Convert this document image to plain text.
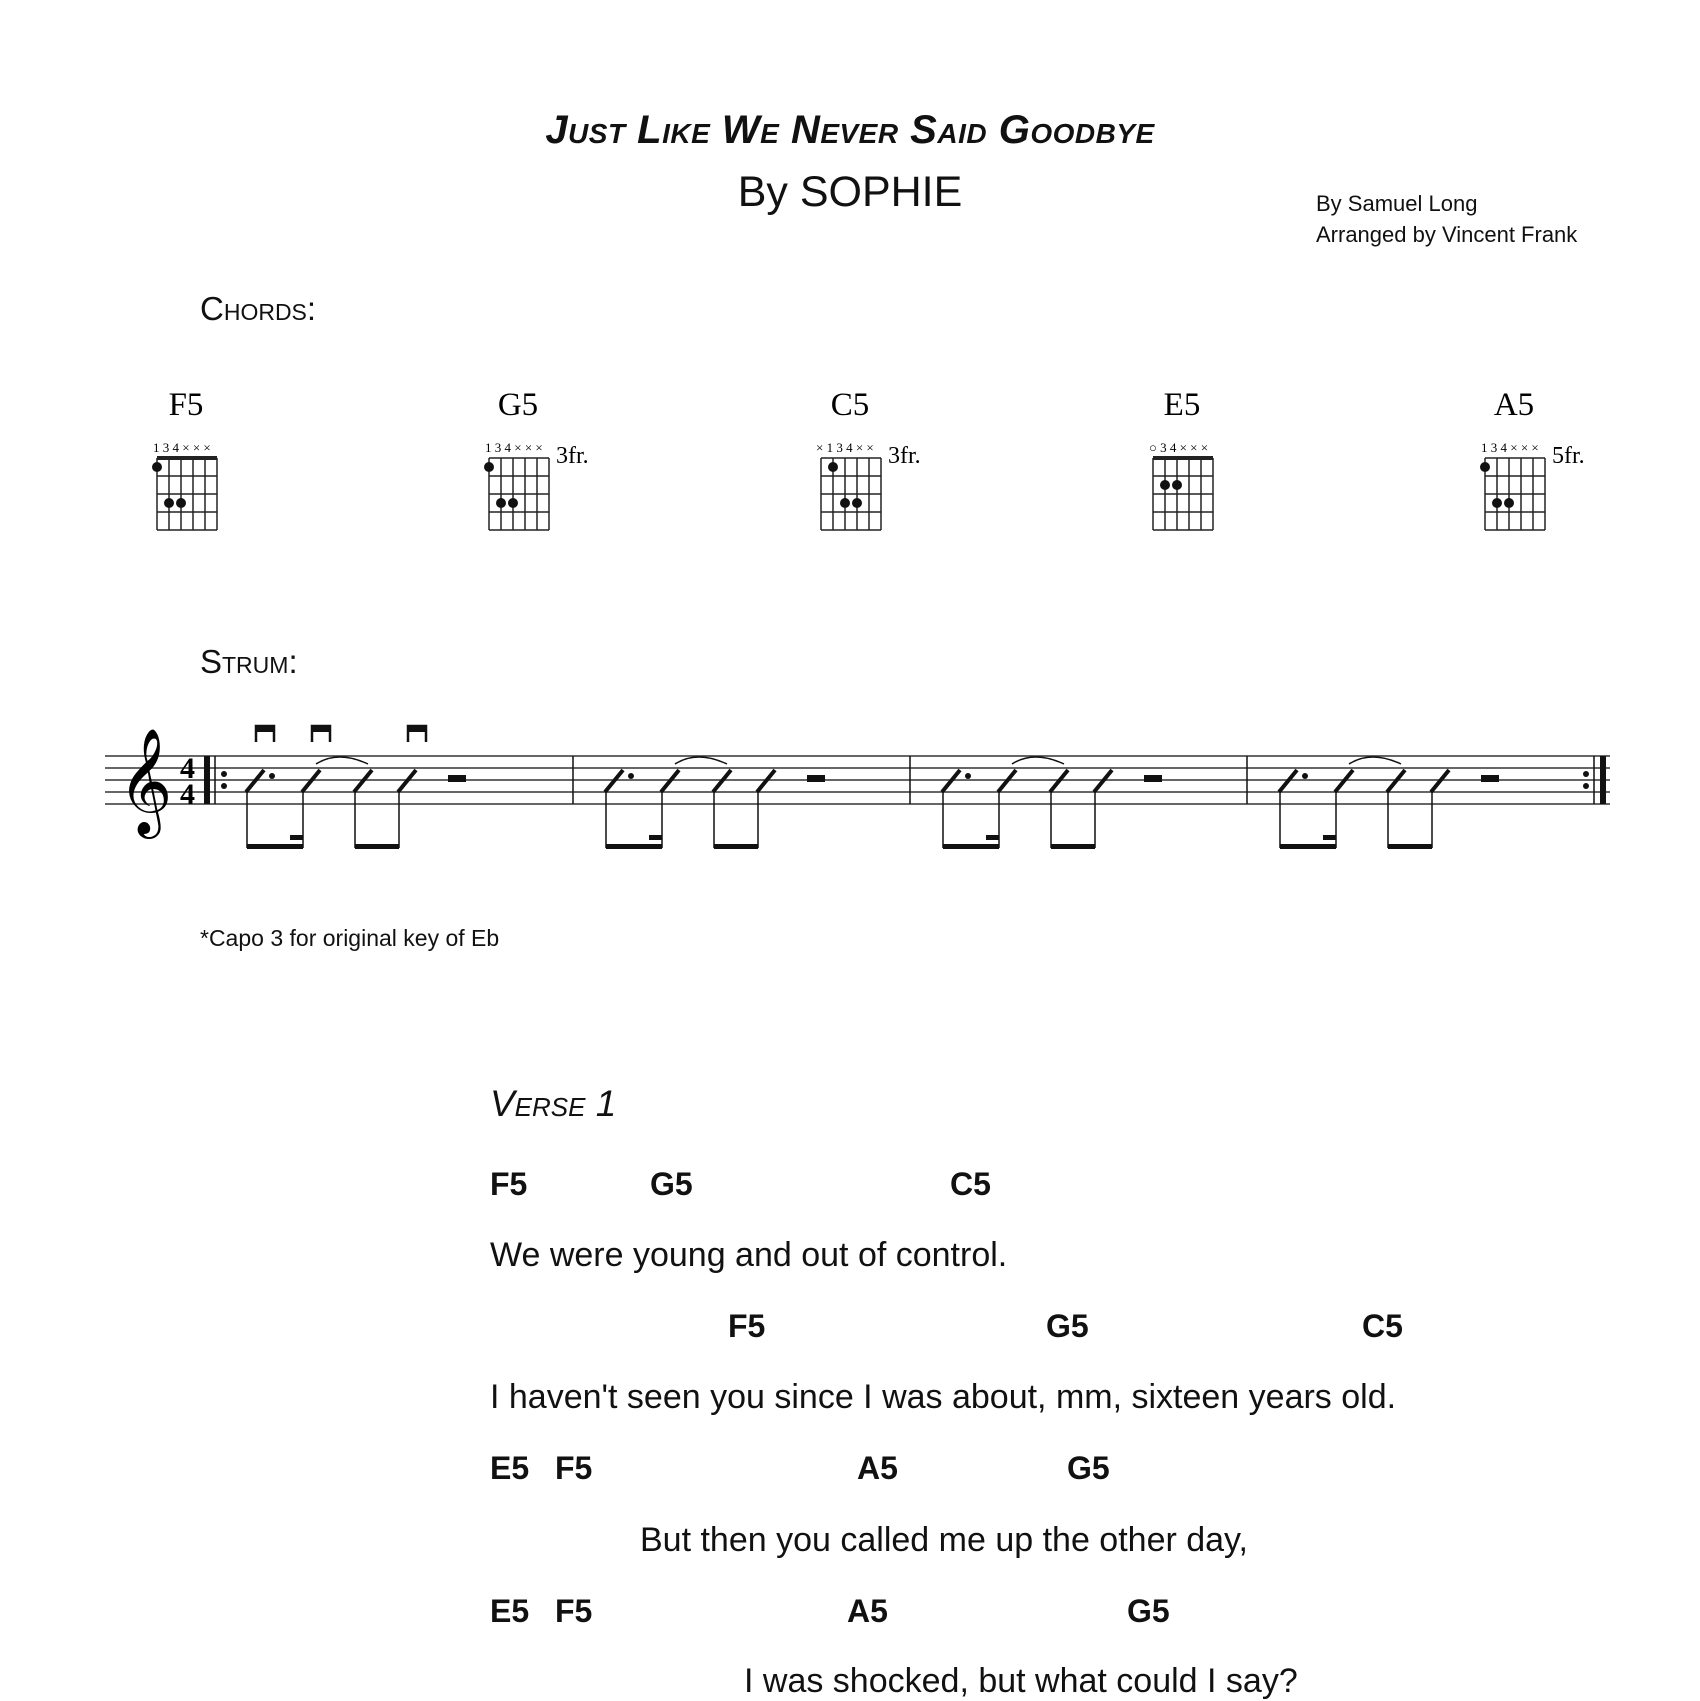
Just Like We Never Said Goodbye
By SOPHIE	By Samuel Long
Arranged by Vincent Frank
Chords:
F5
1 3 4 × × ×
G5
1 3 4 × × × 3fr.
C5
× 1 3 4 × × 3fr.
E5
○ 3 4 × × ×
A5
1 3 4 × × × 5fr.
Strum:
𝄞 4
4
*Capo 3 for original key of Eb
Verse 1
F5	G5	C5
We were young and out of control.
F5	G5	C5
I haven't seen you since I was about, mm, sixteen years old.
E5 F5	A5	G5
But then you called me up the other day,
E5 F5	A5	G5
I was shocked, but what could I say?
